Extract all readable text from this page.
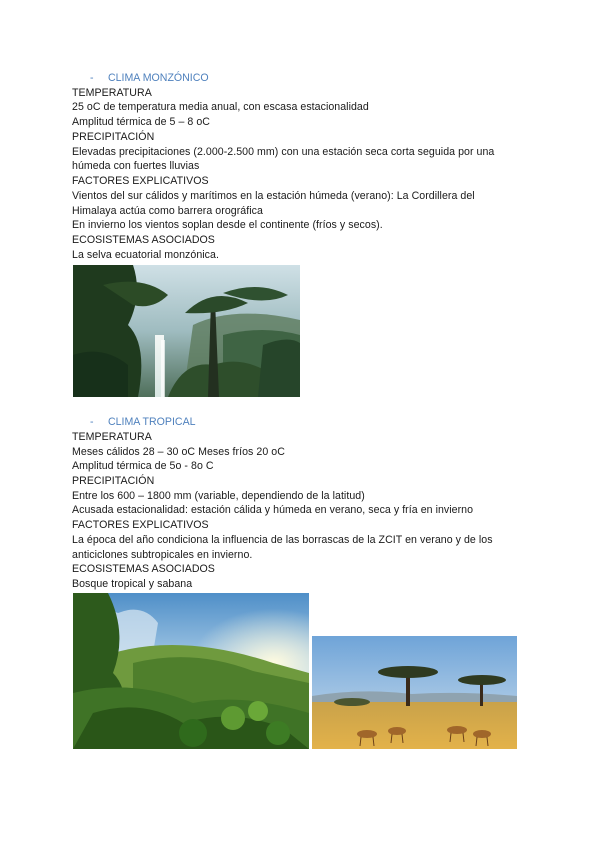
- CLIMA MONZÓNICO
TEMPERATURA
25 oC de temperatura media anual, con escasa estacionalidad
Amplitud térmica de 5 – 8 oC
PRECIPITACIÓN
Elevadas precipitaciones (2.000-2.500 mm) con una estación seca corta seguida por una
húmeda con fuertes lluvias
FACTORES EXPLICATIVOS
Vientos del sur cálidos y marítimos en la estación húmeda (verano): La Cordillera del
Himalaya actúa como barrera orográfica
En invierno los vientos soplan desde el continente (fríos y secos).
ECOSISTEMAS ASOCIADOS
La selva ecuatorial monzónica.
- CLIMA TROPICAL
TEMPERATURA
Meses cálidos 28 – 30 oC Meses fríos 20 oC
Amplitud térmica de 5o - 8o C
PRECIPITACIÓN
Entre los 600 – 1800 mm (variable, dependiendo de la latitud)
Acusada estacionalidad: estación cálida y húmeda en verano, seca y fría en invierno
FACTORES EXPLICATIVOS
La época del año condiciona la influencia de las borrascas de la ZCIT en verano y de los
anticiclones subtropicales en invierno.
ECOSISTEMAS ASOCIADOS
Bosque tropical y sabana
